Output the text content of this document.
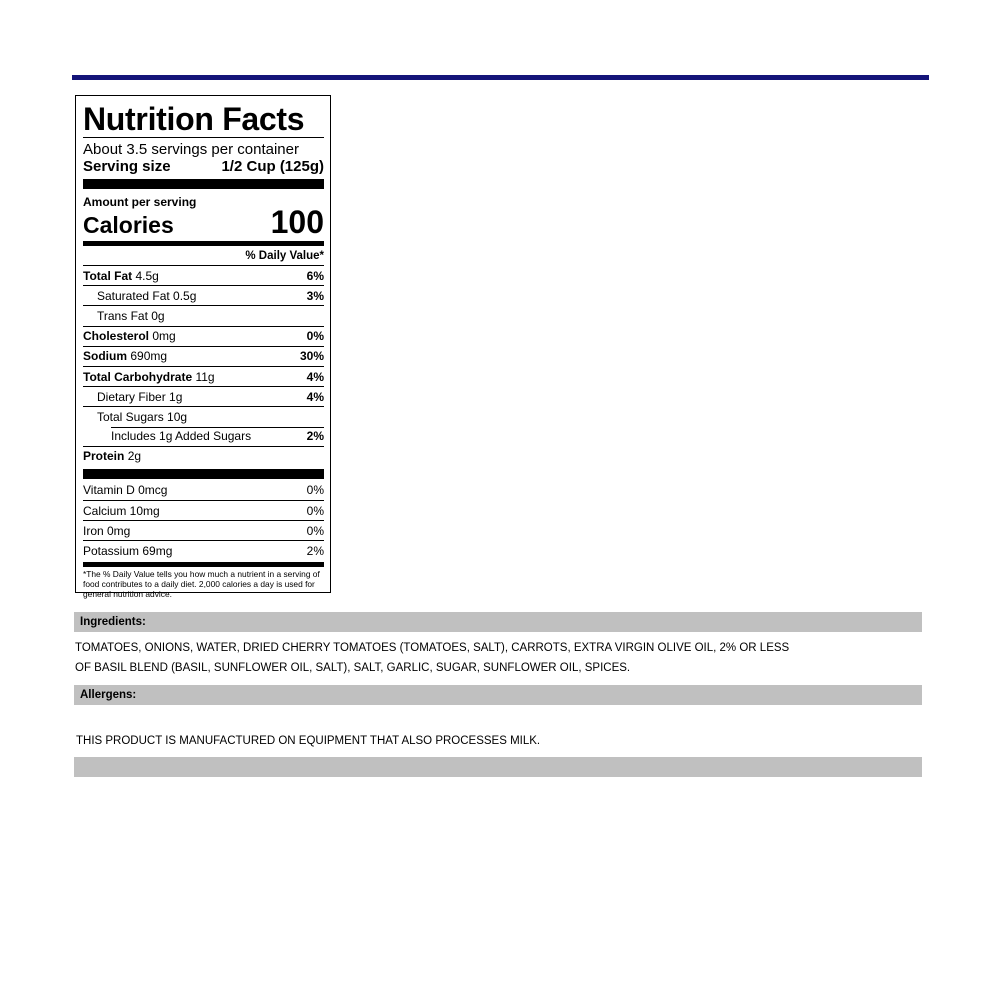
Nutrition Facts
About 3.5 servings per container
Serving size	1/2 Cup (125g)
Amount per serving
Calories	100
% Daily Value*
Total Fat 4.5g	6%
Saturated Fat 0.5g	3%
Trans Fat 0g
Cholesterol 0mg	0%
Sodium 690mg	30%
Total Carbohydrate 11g	4%
Dietary Fiber 1g	4%
Total Sugars 10g
Includes 1g Added Sugars	2%
Protein 2g
Vitamin D 0mcg	0%
Calcium 10mg	0%
Iron 0mg	0%
Potassium 69mg	2%
*The % Daily Value tells you how much a nutrient in a serving of food contributes to a daily diet. 2,000 calories a day is used for general nutrition advice.
Ingredients:
TOMATOES, ONIONS, WATER, DRIED CHERRY TOMATOES (TOMATOES, SALT), CARROTS, EXTRA VIRGIN OLIVE OIL, 2% OR LESS
OF BASIL BLEND (BASIL, SUNFLOWER OIL, SALT), SALT, GARLIC, SUGAR, SUNFLOWER OIL, SPICES.
Allergens:
THIS PRODUCT IS MANUFACTURED ON EQUIPMENT THAT ALSO PROCESSES MILK.
